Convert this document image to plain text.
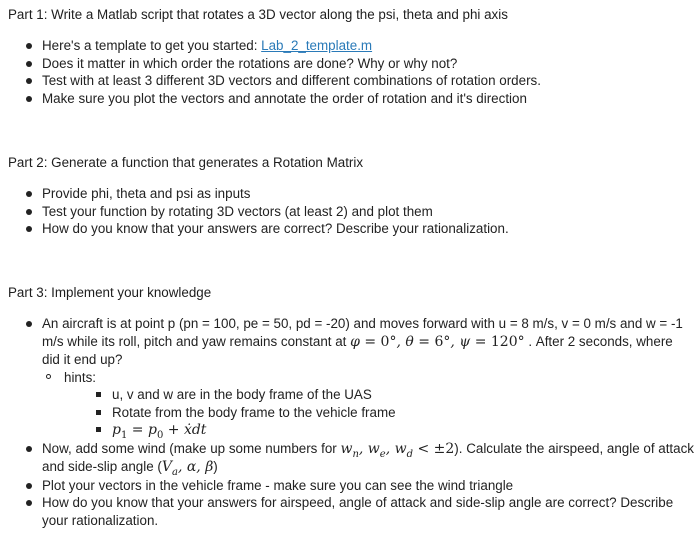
Part 1: Write a Matlab script that rotates a 3D vector along the psi, theta and phi axis
Here's a template to get you started: Lab_2_template.m
Does it matter in which order the rotations are done? Why or why not?
Test with at least 3 different 3D vectors and different combinations of rotation orders.
Make sure you plot the vectors and annotate the order of rotation and it's direction
Part 2: Generate a function that generates a Rotation Matrix
Provide phi, theta and psi as inputs
Test your function by rotating 3D vectors (at least 2) and plot them
How do you know that your answers are correct? Describe your rationalization.
Part 3: Implement your knowledge
An aircraft is at point p (pn = 100, pe = 50, pd = -20) and moves forward with u = 8 m/s, v = 0 m/s and w = -1 m/s while its roll, pitch and yaw remains constant at φ = 0°, θ = 6°, ψ = 120° . After 2 seconds, where did it end up?
hints:
u, v and w are in the body frame of the UAS
Rotate from the body frame to the vehicle frame
$p_1 = p_0$ + ẋdt
Now, add some wind (make up some numbers for $w_n$, $w_e$, $w_d < \pm 2$). Calculate the airspeed, angle of attack and side-slip angle ($V_a$, α, β)
Plot your vectors in the vehicle frame - make sure you can see the wind triangle
How do you know that your answers for airspeed, angle of attack and side-slip angle are correct? Describe your rationalization.
